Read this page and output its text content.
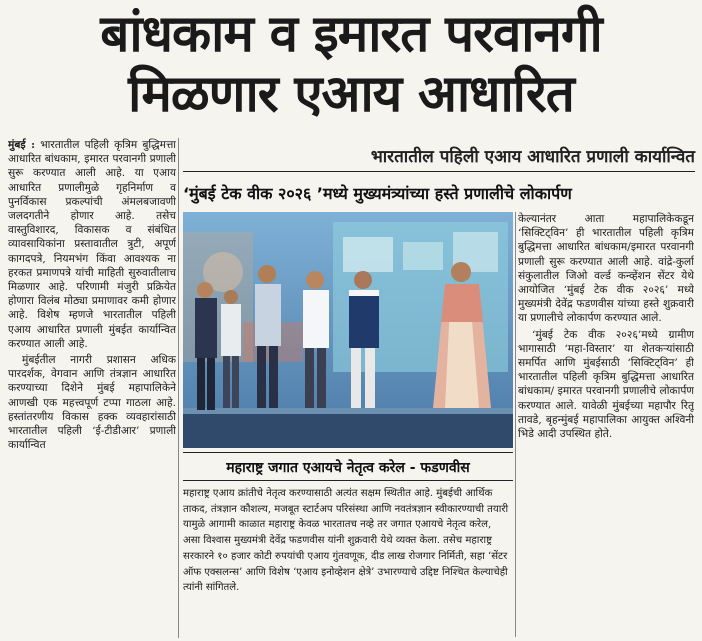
बांधकाम व इमारत परवानगी
मिळणार एआय आधारित
मुंबई : भारतातील पहिली कृत्रिम बुद्धिमत्ता आधारित बांधकाम, इमारत परवानगी प्रणाली सुरू करण्यात आली आहे. या एआय आधारित प्रणालीमुळे गृहनिर्माण व पुनर्विकास प्रकल्पांची अंमलबजावणी जलदगतीने होणार आहे. तसेच वास्तुविशारद, विकासक व संबंधित व्यावसायिकांना प्रस्तावातील त्रुटी, अपूर्ण कागदपत्रे, नियमभंग किंवा आवश्यक ना हरकत प्रमाणपत्रे यांची माहिती सुरुवातीलाच मिळणार आहे. परिणामी मंजुरी प्रक्रियेत होणारा विलंब मोठ्या प्रमाणावर कमी होणार आहे. विशेष म्हणजे भारतातील पहिली एआय आधारित प्रणाली मुंबईत कार्यान्वित करण्यात आली आहे.
मुंबईतील नागरी प्रशासन अधिक पारदर्शक, वेगवान आणि तंत्रज्ञान आधारित करण्याच्या दिशेने मुंबई महापालिकेने आणखी एक महत्त्वपूर्ण टप्पा गाठला आहे. हस्तांतरणीय विकास हक्क व्यवहारांसाठी भारतातील पहिली ‘ई-टीडीआर’ प्रणाली कार्यान्वित
भारतातील पहिली एआय आधारित प्रणाली कार्यान्वित
‘मुंबई टेक वीक २०२६ ’मध्ये मुख्यमंत्र्यांच्या हस्ते प्रणालीचे लोकार्पण
महाराष्ट्र जगात एआयचे नेतृत्व करेल - फडणवीस
महाराष्ट्र एआय क्रांतीचे नेतृत्व करण्यासाठी अत्यंत सक्षम स्थितीत आहे. मुंबईची आर्थिक ताकद, तंत्रज्ञान कौशल्य, मजबूत स्टार्टअप परिसंस्था आणि नवतंत्रज्ञान स्वीकारण्याची तयारी यामुळे आगामी काळात महाराष्ट्र केवळ भारतातच नव्हे तर जगात एआयचे नेतृत्व करेल, असा विश्वास मुख्यमंत्री देवेंद्र फडणवीस यांनी शुक्रवारी येथे व्यक्त केला. तसेच महाराष्ट्र सरकारने १० हजार कोटी रुपयांची एआय गुंतवणूक, दीड लाख रोजगार निर्मिती, सहा ‘सेंटर ऑफ एक्सलन्स’ आणि विशेष ‘एआय इनोव्हेशन क्षेत्रे’ उभारण्याचे उद्दिष्ट निश्चित केल्याचेही त्यांनी सांगितले.
केल्यानंतर आता महापालिकेकडून ‘सिक्टिट्विन’ ही भारतातील पहिली कृत्रिम बुद्धिमत्ता आधारित बांधकाम/इमारत परवानगी प्रणाली सुरू करण्यात आली आहे. वांद्रे-कुर्ला संकुलातील जिओ वर्ल्ड कन्व्हेंशन सेंटर येथे आयोजित ‘मुंबई टेक वीक २०२६’ मध्ये मुख्यमंत्री देवेंद्र फडणवीस यांच्या हस्ते शुक्रवारी या प्रणालीचे लोकार्पण करण्यात आले.
‘मुंबई टेक वीक २०२६’मध्ये ग्रामीण भागासाठी ‘महा-विस्तार’ या शेतकऱ्यांसाठी समर्पित आणि मुंबईसाठी ‘सिक्टिट्विन’ ही भारतातील पहिली कृत्रिम बुद्धिमत्ता आधारित बांधकाम/ इमारत परवानगी प्रणालीचे लोकार्पण करण्यात आले. यावेळी मुंबईच्या महापौर रितू तावडे, बृहन्मुंबई महापालिका आयुक्त अश्विनी भिडे आदी उपस्थित होते.
